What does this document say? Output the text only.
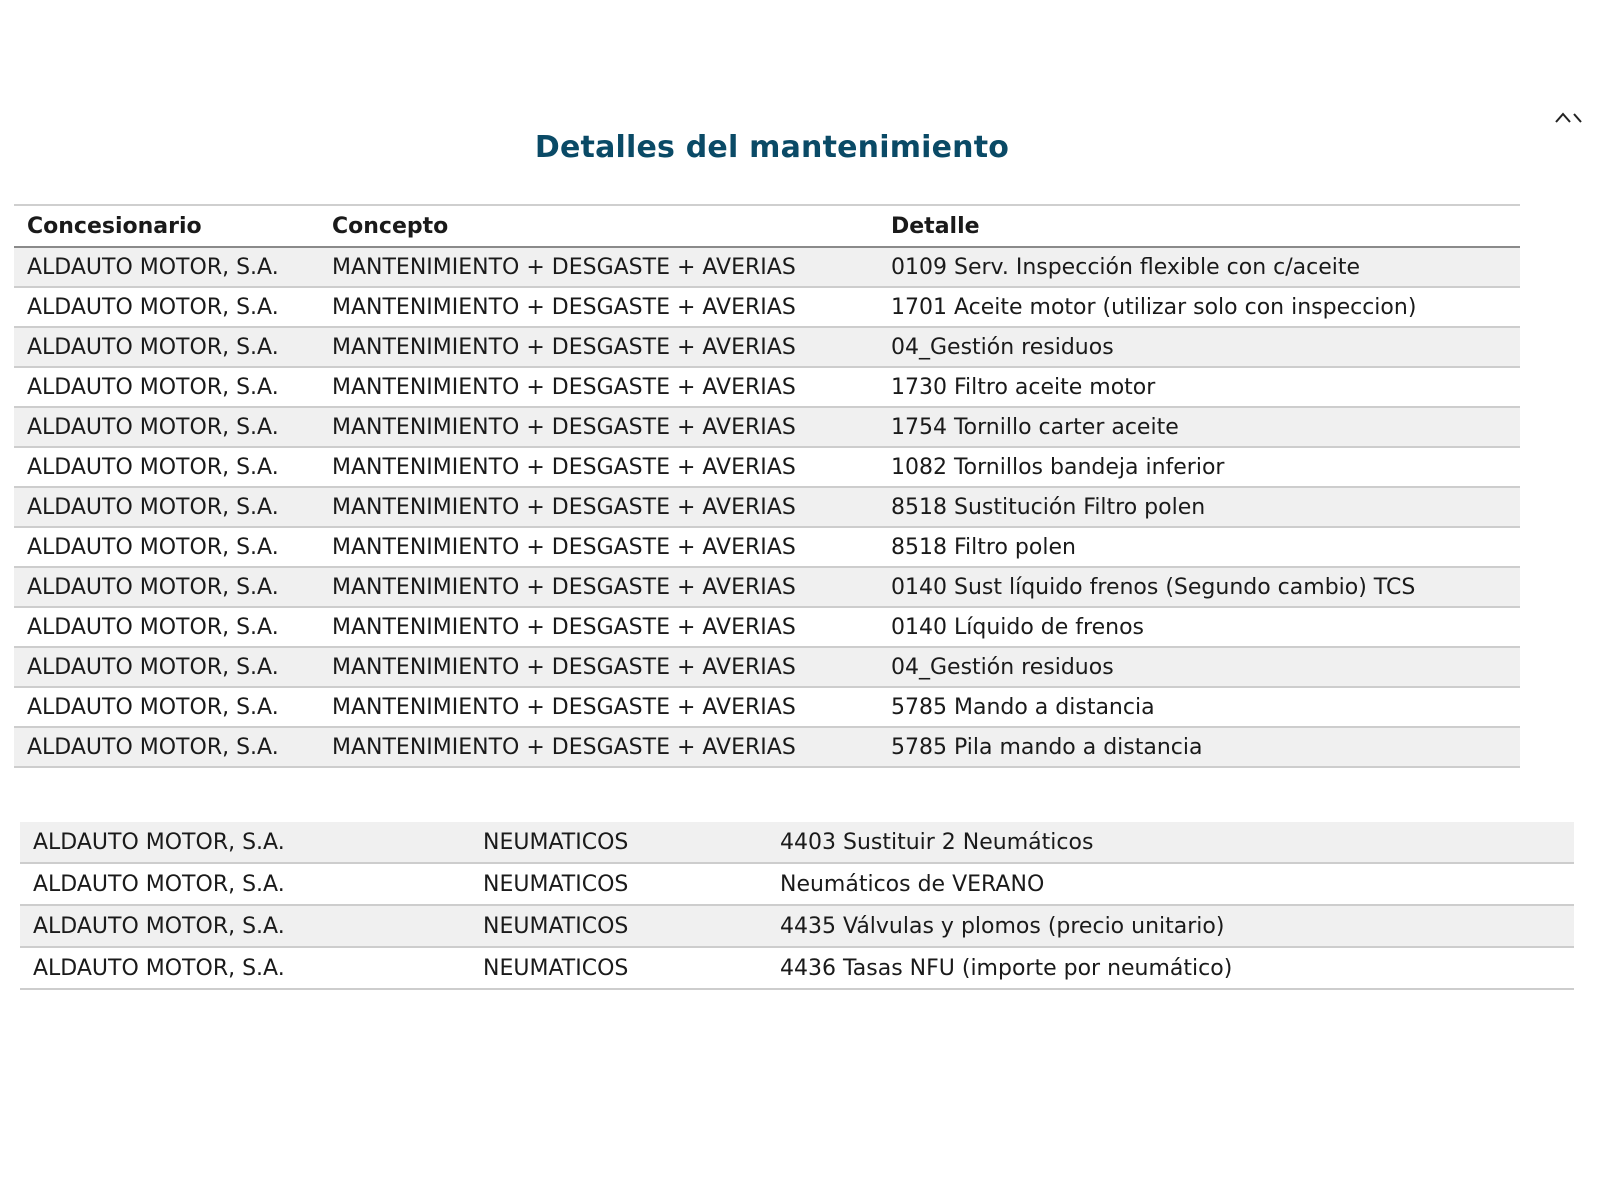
Detalles del mantenimiento
Concesionario	Concepto	Detalle
ALDAUTO MOTOR, S.A.	MANTENIMIENTO + DESGASTE + AVERIAS	0109 Serv. Inspección flexible con c/aceite
ALDAUTO MOTOR, S.A.	MANTENIMIENTO + DESGASTE + AVERIAS	1701 Aceite motor (utilizar solo con inspeccion)
ALDAUTO MOTOR, S.A.	MANTENIMIENTO + DESGASTE + AVERIAS	04_Gestión residuos
ALDAUTO MOTOR, S.A.	MANTENIMIENTO + DESGASTE + AVERIAS	1730 Filtro aceite motor
ALDAUTO MOTOR, S.A.	MANTENIMIENTO + DESGASTE + AVERIAS	1754 Tornillo carter aceite
ALDAUTO MOTOR, S.A.	MANTENIMIENTO + DESGASTE + AVERIAS	1082 Tornillos bandeja inferior
ALDAUTO MOTOR, S.A.	MANTENIMIENTO + DESGASTE + AVERIAS	8518 Sustitución Filtro polen
ALDAUTO MOTOR, S.A.	MANTENIMIENTO + DESGASTE + AVERIAS	8518 Filtro polen
ALDAUTO MOTOR, S.A.	MANTENIMIENTO + DESGASTE + AVERIAS	0140 Sust líquido frenos (Segundo cambio) TCS
ALDAUTO MOTOR, S.A.	MANTENIMIENTO + DESGASTE + AVERIAS	0140 Líquido de frenos
ALDAUTO MOTOR, S.A.	MANTENIMIENTO + DESGASTE + AVERIAS	04_Gestión residuos
ALDAUTO MOTOR, S.A.	MANTENIMIENTO + DESGASTE + AVERIAS	5785 Mando a distancia
ALDAUTO MOTOR, S.A.	MANTENIMIENTO + DESGASTE + AVERIAS	5785 Pila mando a distancia
ALDAUTO MOTOR, S.A.	NEUMATICOS	4403 Sustituir 2 Neumáticos
ALDAUTO MOTOR, S.A.	NEUMATICOS	Neumáticos de VERANO
ALDAUTO MOTOR, S.A.	NEUMATICOS	4435 Válvulas y plomos (precio unitario)
ALDAUTO MOTOR, S.A.	NEUMATICOS	4436 Tasas NFU (importe por neumático)
